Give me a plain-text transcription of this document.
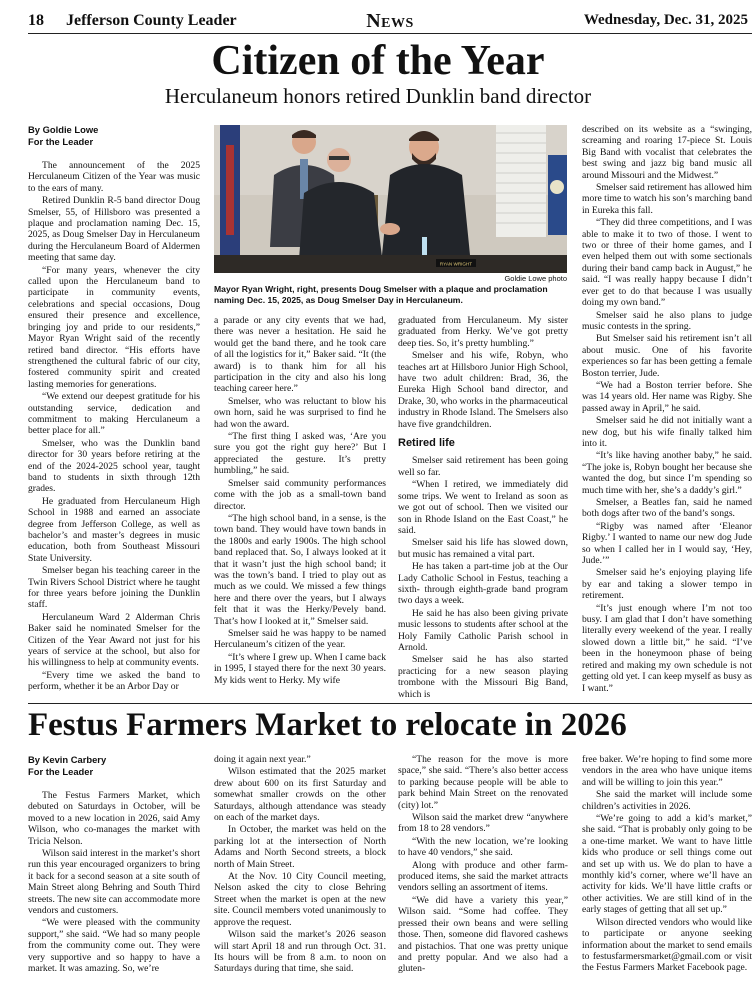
18 Jefferson County Leader	News	Wednesday, Dec. 31, 2025
Citizen of the Year
Herculaneum honors retired Dunklin band director
By Goldie Lowe
For the Leader

The announcement of the 2025 Herculaneum Citizen of the Year was music to the ears of many.

Retired Dunklin R-5 band director Doug Smelser, 55, of Hillsboro was presented a plaque and proclamation naming Dec. 15, 2025, as Doug Smelser Day in Herculaneum during the Herculaneum Board of Aldermen meeting that same day.

“For many years, whenever the city called upon the Herculaneum band to participate in community events, celebrations and special occasions, Doug ensured their presence and excellence, bringing joy and pride to our residents,” Mayor Ryan Wright said of the recently retired band director. “His efforts have strengthened the cultural fabric of our city, fostered community spirit and created lasting memories for generations.

“We extend our deepest gratitude for his outstanding service, dedication and commitment to making Herculaneum a better place for all.”

Smelser, who was the Dunklin band director for 30 years before retiring at the end of the 2024-2025 school year, taught band to students in sixth through 12th grades.

He graduated from Herculaneum High School in 1988 and earned an associate degree from Jefferson College, as well as bachelor’s and master’s degrees in music education, both from Southeast Missouri State University.

Smelser began his teaching career in the Twin Rivers School District where he taught for three years before joining the Dunklin staff.

Herculaneum Ward 2 Alderman Chris Baker said he nominated Smelser for the Citizen of the Year Award not just for his years of service at the school, but also for his willingness to help at community events.

“Every time we asked the band to perform, whether it be an Arbor Day or

RYAN WRIGHT
Goldie Lowe photo
Mayor Ryan Wright, right, presents Doug Smelser with a plaque and proclamation naming Dec. 15, 2025, as Doug Smelser Day in Herculaneum.

a parade or any city events that we had, there was never a hesitation. He said he would get the band there, and he took care of all the logistics for it,” Baker said. “It (the award) is to thank him for all his participation in the city and also his long teaching career here.”

Smelser, who was reluctant to blow his own horn, said he was surprised to find he had won the award.

“The first thing I asked was, ‘Are you sure you got the right guy here?’ But I appreciated the gesture. It’s pretty humbling,” he said.

Smelser said community performances come with the job as a small-town band director.

“The high school band, in a sense, is the town band. They would have town bands in the 1800s and early 1900s. The high school band replaced that. So, I always looked at it that it wasn’t just the high school band; it was the town’s band. I tried to play out as much as we could. We missed a few things here and there over the years, but I always felt that it was the Herky/Pevely band. That’s how I looked at it,” Smelser said.

Smelser said he was happy to be named Herculaneum’s citizen of the year.

“It’s where I grew up. When I came back in 1995, I stayed there for the next 30 years. My kids went to Herky. My wife

graduated from Herculaneum. My sister graduated from Herky. We’ve got pretty deep ties. So, it’s pretty humbling.”

Smelser and his wife, Robyn, who teaches art at Hillsboro Junior High School, have two adult children: Brad, 36, the Eureka High School band director, and Drake, 30, who works in the pharmaceutical industry in Rhode Island. The Smelsers also have five grandchildren.

Retired life

Smelser said retirement has been going well so far.

“When I retired, we immediately did some trips. We went to Ireland as soon as we got out of school. Then we visited our son in Rhode Island on the East Coast,” he said.

Smelser said his life has slowed down, but music has remained a vital part.

He has taken a part-time job at the Our Lady Catholic School in Festus, teaching a sixth- through eighth-grade band program two days a week.

He said he has also been giving private music lessons to students after school at the Holy Family Catholic Parish school in Arnold.

Smelser said he has also started practicing for a new season playing trombone with the Missouri Big Band, which is

described on its website as a “swinging, screaming and roaring 17-piece St. Louis Big Band with vocalist that celebrates the best swing and jazz big band music all around Missouri and the Midwest.”

Smelser said retirement has allowed him more time to watch his son’s marching band in Eureka this fall.

“They did three competitions, and I was able to make it to two of those. I went to two or three of their home games, and I even helped them out with some sectionals during their band camp back in August,” he said. “I was really happy because I didn’t ever get to do that because I was usually doing my own band.”

Smelser said he also plans to judge music contests in the spring.

But Smelser said his retirement isn’t all about music. One of his favorite experiences so far has been getting a female Boston terrier, Jude.

“We had a Boston terrier before. She was 14 years old. Her name was Rigby. She passed away in April,” he said.

Smelser said he did not initially want a new dog, but his wife finally talked him into it.

“It’s like having another baby,” he said. “The joke is, Robyn bought her because she wanted the dog, but since I’m spending so much time with her, she’s a daddy’s girl.”

Smelser, a Beatles fan, said he named both dogs after two of the band’s songs.

“Rigby was named after ‘Eleanor Rigby.’ I wanted to name our new dog Jude so when I called her in I would say, ‘Hey, Jude.’”

Smelser said he’s enjoying playing life by ear and taking a slower tempo in retirement.

“It’s just enough where I’m not too busy. I am glad that I don’t have something literally every weekend of the year. I really slowed down a little bit,” he said. “I’ve been in the honeymoon phase of being retired and making my own schedule is not getting old yet. I can keep myself as busy as I want.”

Festus Farmers Market to relocate in 2026
By Kevin Carbery
For the Leader

The Festus Farmers Market, which debuted on Saturdays in October, will be moved to a new location in 2026, said Amy Wilson, who co-manages the market with Tricia Nelson.

Wilson said interest in the market’s short run this year encouraged organizers to bring it back for a second season at a site south of Main Street along Behring and South Third streets. The new site can accommodate more vendors and customers.

“We were pleased with the community support,” she said. “We had so many people from the community come out. They were very supportive and so happy to have a market. It was amazing. So, we’re

doing it again next year.”

Wilson estimated that the 2025 market drew about 600 on its first Saturday and somewhat smaller crowds on the other Saturdays, although attendance was steady on each of the market days.

In October, the market was held on the parking lot at the intersection of North Adams and North Second streets, a block north of Main Street.

At the Nov. 10 City Council meeting, Nelson asked the city to close Behring Street when the market is open at the new site. Council members voted unanimously to approve the request.

Wilson said the market’s 2026 season will start April 18 and run through Oct. 31. Its hours will be from 8 a.m. to noon on Saturdays during that time, she said.

“The reason for the move is more space,” she said. “There’s also better access to parking because people will be able to park behind Main Street on the renovated (city) lot.”

Wilson said the market drew “anywhere from 18 to 28 vendors.”

“With the new location, we’re looking to have 40 vendors,” she said.

Along with produce and other farm-produced items, she said the market attracts vendors selling an assortment of items.

“We did have a variety this year,” Wilson said. “Some had coffee. They pressed their own beans and were selling those. Then, someone did flavored cashews and pistachios. That one was pretty unique and pretty popular. And we also had a gluten-

free baker. We’re hoping to find some more vendors in the area who have unique items and will be willing to join this year.”

She said the market will include some children’s activities in 2026.

“We’re going to add a kid’s market,” she said. “That is probably only going to be a one-time market. We want to have little kids who produce or sell things come out and set up with us. We do plan to have a monthly kid’s corner, where we’ll have an activity for kids. We’ll have little crafts or other activities. We are still kind of in the early stages of getting that all set up.”

Wilson directed vendors who would like to participate or anyone seeking information about the market to send emails to festusfarmersmarket@gmail.com or visit the Festus Farmers Market Facebook page.
